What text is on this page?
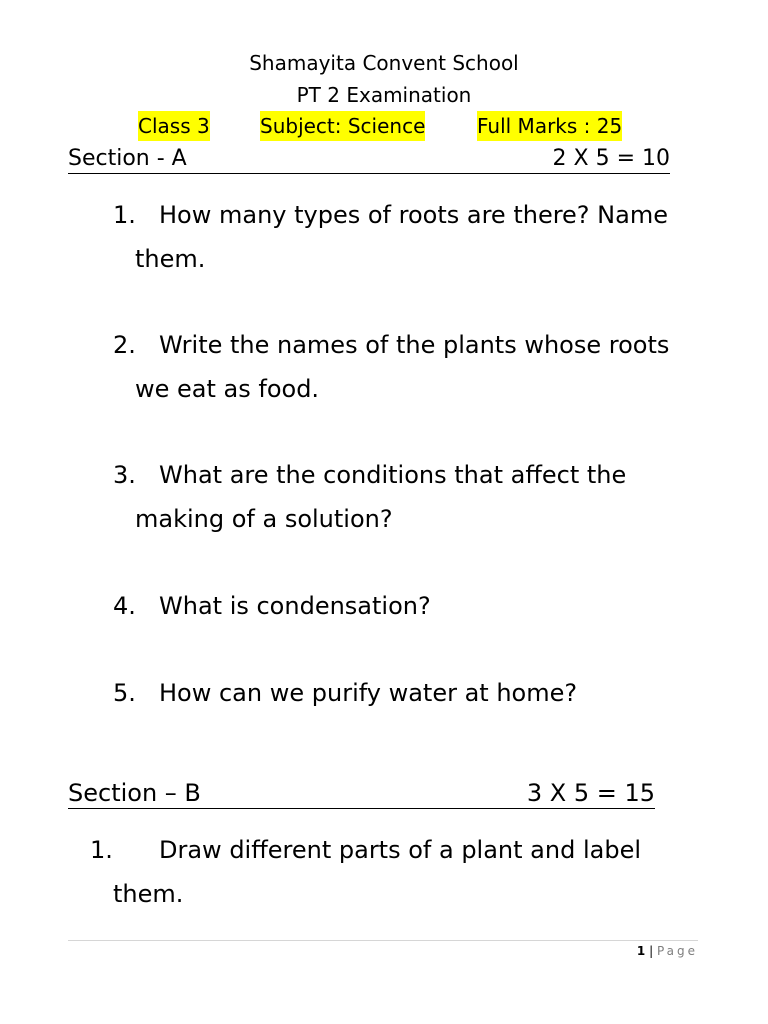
Shamayita Convent School
PT 2 Examination
Class 3	Subject: Science	Full Marks : 25
Section - A	2 X 5 = 10
1. How many types of roots are there? Name
them.
2. Write the names of the plants whose roots
we eat as food.
3. What are the conditions that affect the
making of a solution?
4. What is condensation?
5. How can we purify water at home?
Section – B	3 X 5 = 15
1. Draw different parts of a plant and label
them.
1 | Page
